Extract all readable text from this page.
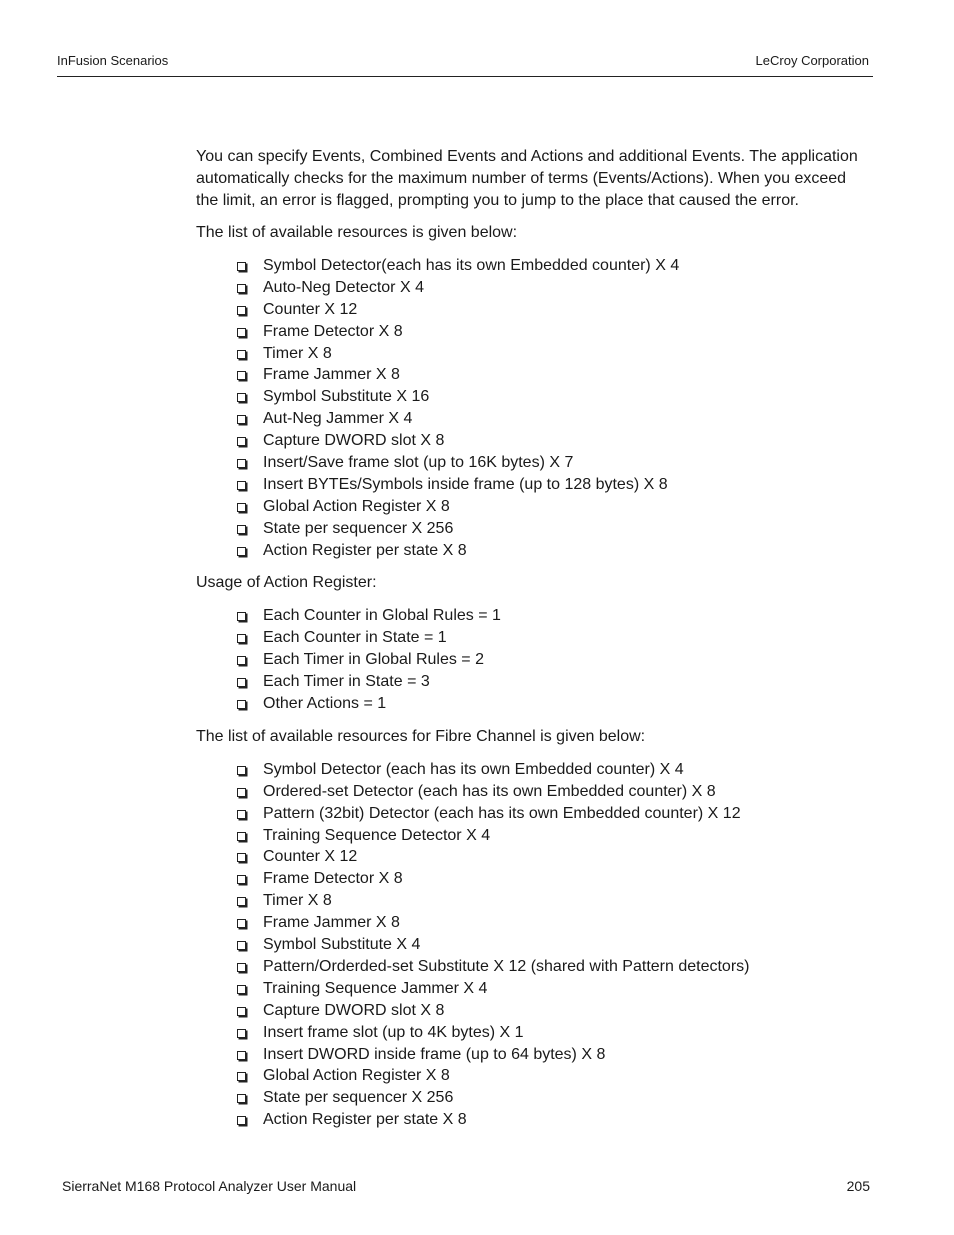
InFusion Scenarios	LeCroy Corporation

You can specify Events, Combined Events and Actions and additional Events. The application automatically checks for the maximum number of terms (Events/Actions). When you exceed the limit, an error is flagged, prompting you to jump to the place that caused the error.

The list of available resources is given below:

Symbol Detector(each has its own Embedded counter) X 4
Auto-Neg Detector X 4
Counter X 12
Frame Detector X 8
Timer X 8
Frame Jammer X 8
Symbol Substitute X 16
Aut-Neg Jammer X 4
Capture DWORD slot X 8
Insert/Save frame slot (up to 16K bytes) X 7
Insert BYTEs/Symbols inside frame (up to 128 bytes) X 8
Global Action Register X 8
State per sequencer X 256
Action Register per state X 8

Usage of Action Register:

Each Counter in Global Rules = 1
Each Counter in State = 1
Each Timer in Global Rules = 2
Each Timer in State = 3
Other Actions = 1

The list of available resources for Fibre Channel is given below:

Symbol Detector (each has its own Embedded counter) X 4
Ordered-set Detector (each has its own Embedded counter) X 8
Pattern (32bit) Detector (each has its own Embedded counter) X 12
Training Sequence Detector X 4
Counter X 12
Frame Detector X 8
Timer X 8
Frame Jammer X 8
Symbol Substitute X 4
Pattern/Orderded-set Substitute X 12 (shared with Pattern detectors)
Training Sequence Jammer X 4
Capture DWORD slot X 8
Insert frame slot (up to 4K bytes) X 1
Insert DWORD inside frame (up to 64 bytes) X 8
Global Action Register X 8
State per sequencer X 256
Action Register per state X 8
SierraNet M168 Protocol Analyzer User Manual	205
